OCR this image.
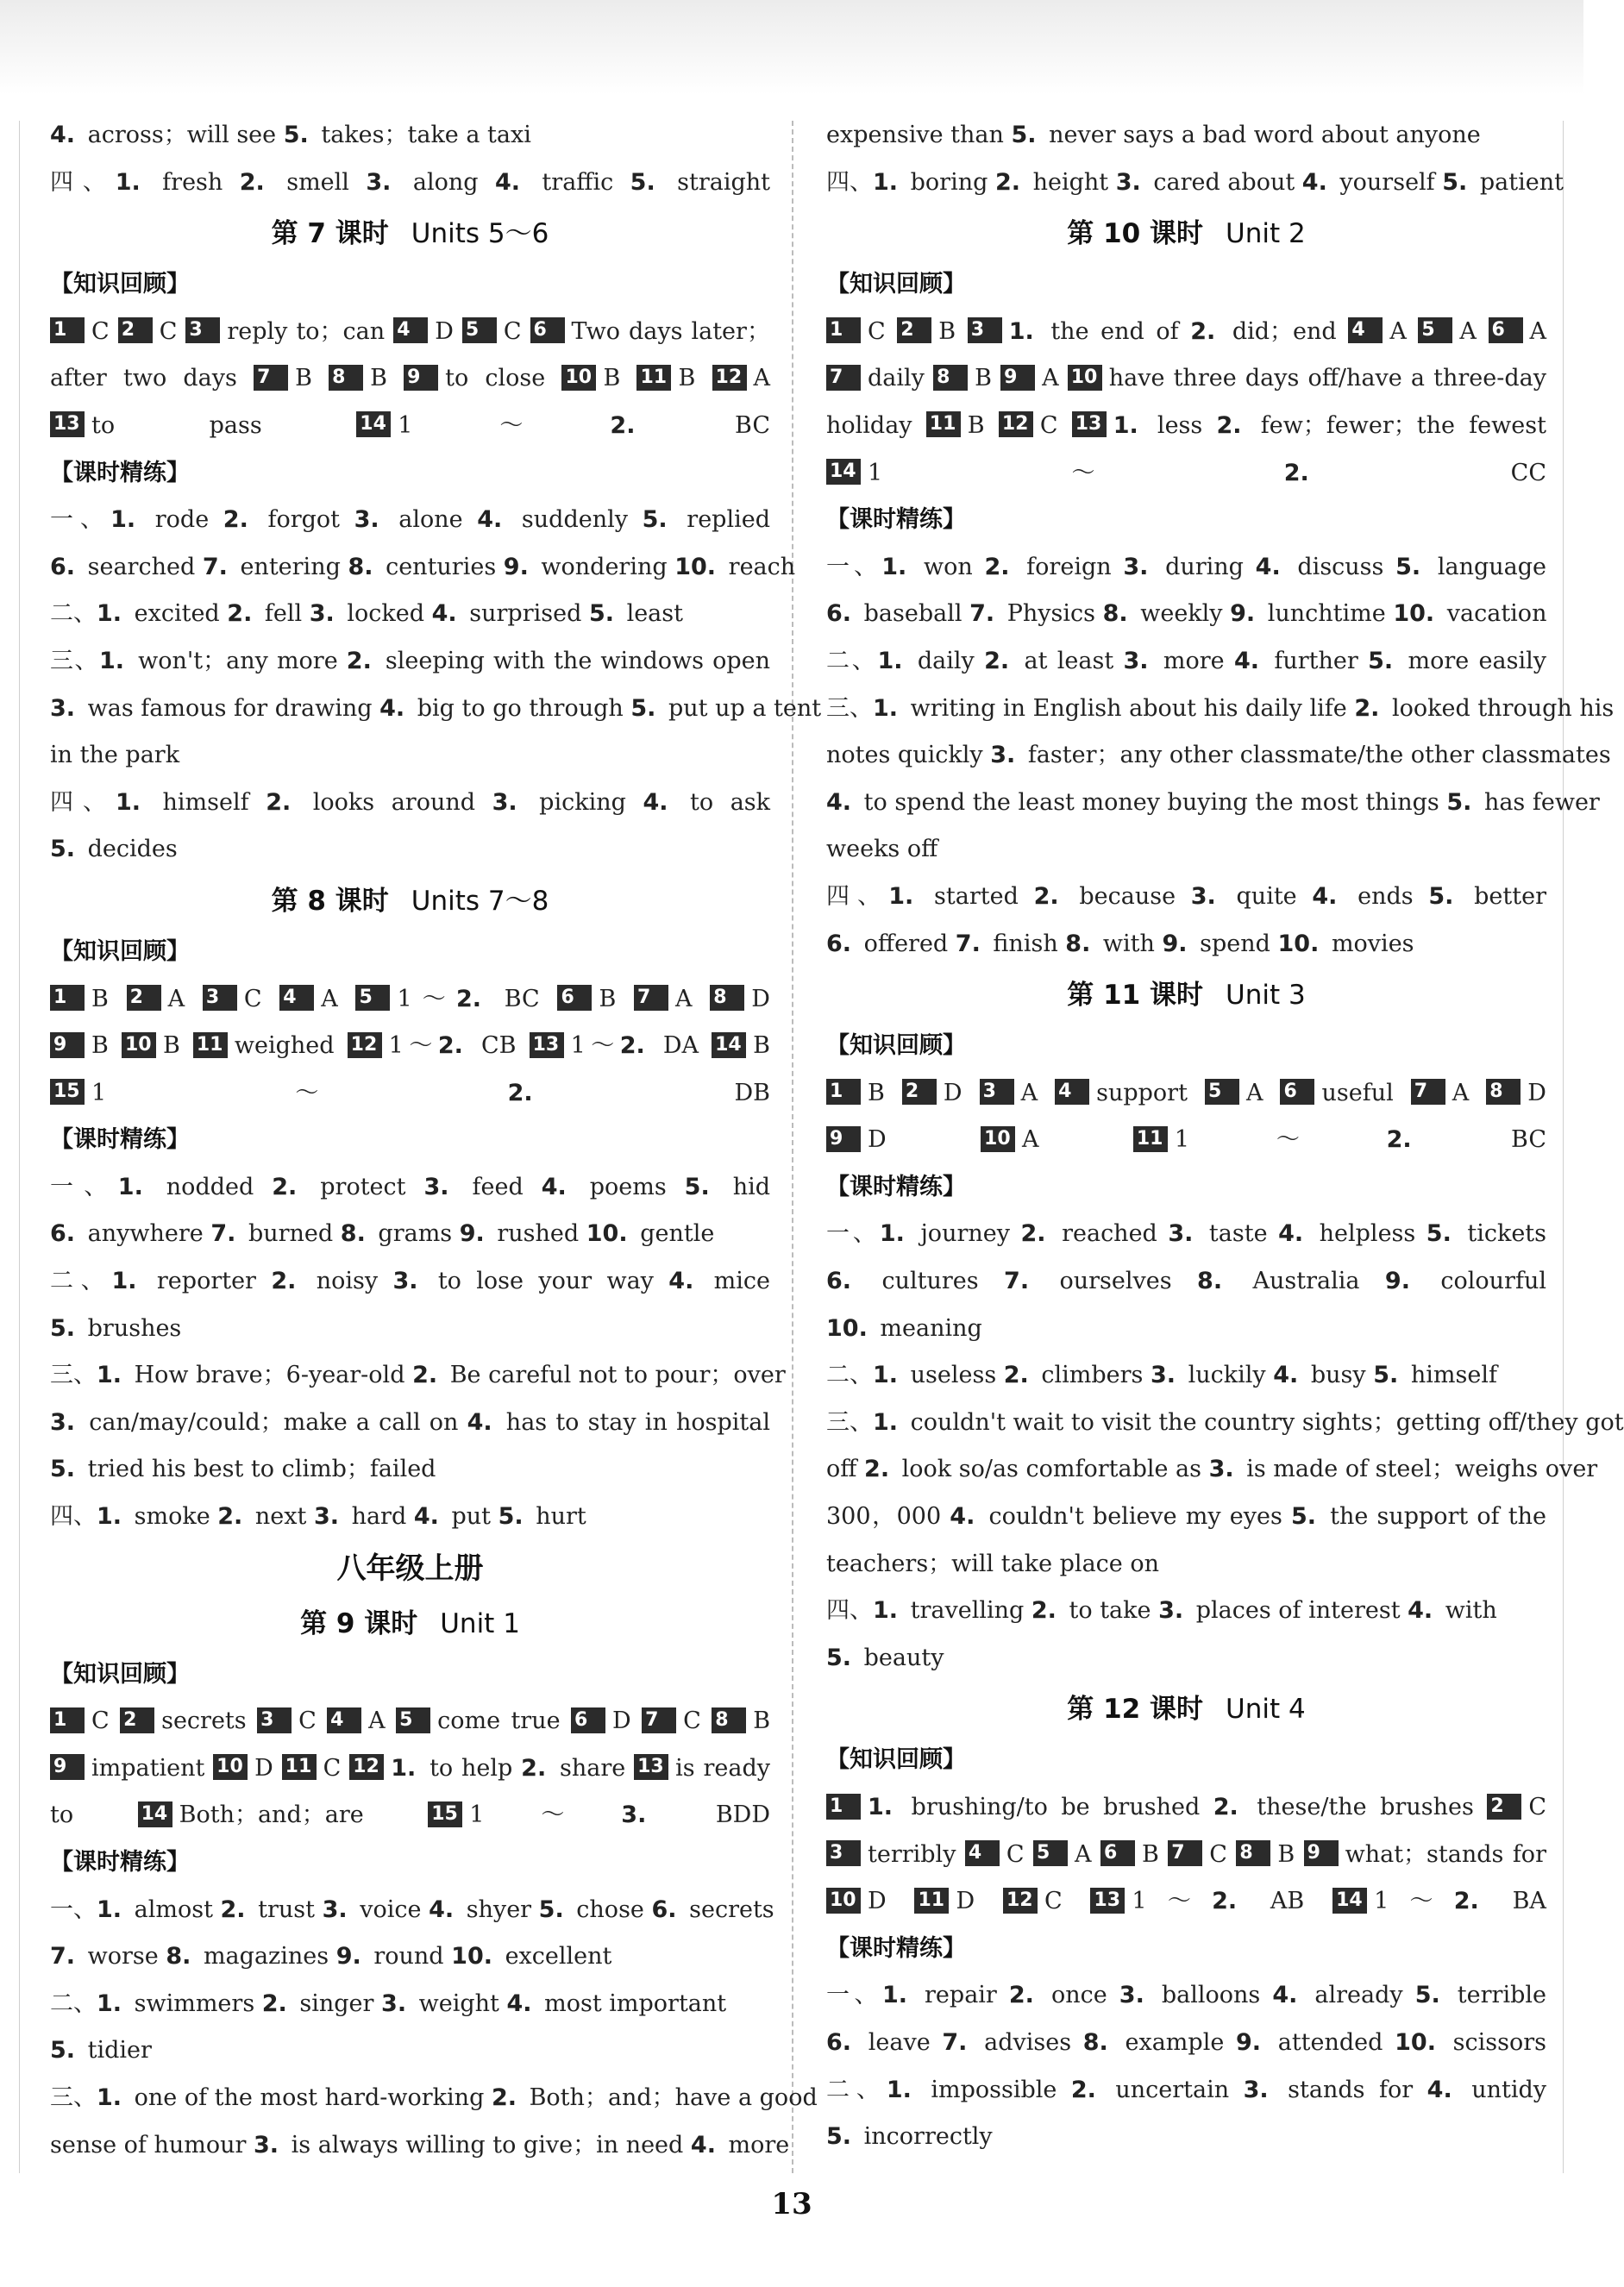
4. across；will see 5. takes；take a taxi
四、1. fresh 2. smell 3. along 4. traffic 5. straight
第 7 课时 Units 5～6
【知识回顾】
1 C 2 C 3 reply to；can 4 D 5 C 6 Two days later；
after two days 7 B 8 B 9 to close 10 B 11 B 12 A
13 to pass	14 1～2. BC
【课时精练】
一、1. rode 2. forgot 3. alone 4. suddenly 5. replied
6. searched 7. entering 8. centuries 9. wondering 10. reach
二、1. excited 2. fell 3. locked 4. surprised 5. least
三、1. won't；any more 2. sleeping with the windows open
3. was famous for drawing 4. big to go through 5. put up a tent
in the park
四、1. himself 2. looks around 3. picking 4. to ask
5. decides
第 8 课时 Units 7～8
【知识回顾】
1 B 2 A 3 C 4 A 5 1～2. BC 6 B 7 A 8 D
9 B 10 B 11 weighed 12 1～2. CB 13 1～2. DA 14 B
15 1～2. DB
【课时精练】
一、1. nodded 2. protect 3. feed 4. poems 5. hid
6. anywhere 7. burned 8. grams 9. rushed 10. gentle
二、1. reporter 2. noisy 3. to lose your way 4. mice
5. brushes
三、1. How brave；6-year-old 2. Be careful not to pour；over
3. can/may/could；make a call on 4. has to stay in hospital
5. tried his best to climb；failed
四、1. smoke 2. next 3. hard 4. put 5. hurt
八年级上册
第 9 课时 Unit 1
【知识回顾】
1 C 2 secrets 3 C 4 A 5 come true 6 D 7 C 8 B
9 impatient 10 D 11 C 12 1. to help 2. share 13 is ready
to	14 Both；and；are	15 1～3. BDD
【课时精练】
一、1. almost 2. trust 3. voice 4. shyer 5. chose 6. secrets
7. worse 8. magazines 9. round 10. excellent
二、1. swimmers 2. singer 3. weight 4. most important
5. tidier
三、1. one of the most hard-working 2. Both；and；have a good
sense of humour 3. is always willing to give；in need 4. more
expensive than 5. never says a bad word about anyone
四、1. boring 2. height 3. cared about 4. yourself 5. patient
第 10 课时 Unit 2
【知识回顾】
1 C 2 B 3 1. the end of 2. did；end 4 A 5 A 6 A
7 daily 8 B 9 A 10 have three days off/have a three-day
holiday 11 B 12 C 13 1. less 2. few；fewer；the fewest
14 1～2. CC
【课时精练】
一、1. won 2. foreign 3. during 4. discuss 5. language
6. baseball 7. Physics 8. weekly 9. lunchtime 10. vacation
二、1. daily 2. at least 3. more 4. further 5. more easily
三、1. writing in English about his daily life 2. looked through his
notes quickly 3. faster；any other classmate/the other classmates
4. to spend the least money buying the most things 5. has fewer
weeks off
四、1. started 2. because 3. quite 4. ends 5. better
6. offered 7. finish 8. with 9. spend 10. movies
第 11 课时 Unit 3
【知识回顾】
1 B 2 D 3 A 4 support 5 A 6 useful 7 A 8 D
9 D	10 A	11 1～2. BC
【课时精练】
一、1. journey 2. reached 3. taste 4. helpless 5. tickets
6. cultures 7. ourselves 8. Australia 9. colourful
10. meaning
二、1. useless 2. climbers 3. luckily 4. busy 5. himself
三、1. couldn't wait to visit the country sights；getting off/they got
off 2. look so/as comfortable as 3. is made of steel；weighs over
300，000 4. couldn't believe my eyes 5. the support of the
teachers；will take place on
四、1. travelling 2. to take 3. places of interest 4. with
5. beauty
第 12 课时 Unit 4
【知识回顾】
1 1. brushing/to be brushed 2. these/the brushes 2 C
3 terribly 4 C 5 A 6 B 7 C 8 B 9 what；stands for
10 D 11 D 12 C 13 1～2. AB 14 1～2. BA
【课时精练】
一、1. repair 2. once 3. balloons 4. already 5. terrible
6. leave 7. advises 8. example 9. attended 10. scissors
二、1. impossible 2. uncertain 3. stands for 4. untidy
5. incorrectly
13
